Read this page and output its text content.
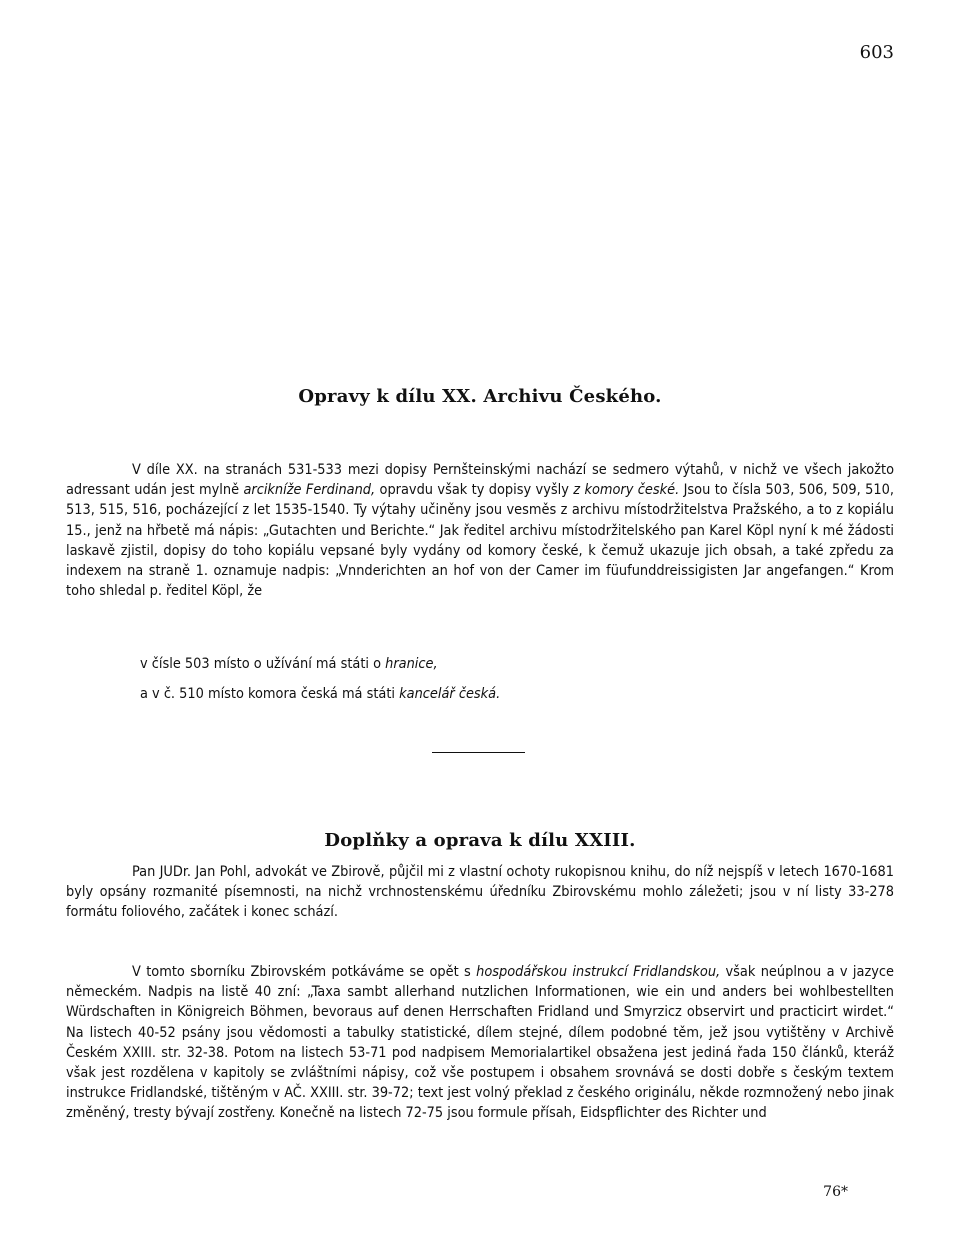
603
Opravy k dílu XX. Archivu Českého.
V díle XX. na stranách 531-533 mezi dopisy Pernšteinskými nachází se sedmero výtahů, v nichž ve všech jakožto adressant udán jest mylně arcikníže Ferdinand, opravdu však ty dopisy vyšly z komory české. Jsou to čísla 503, 506, 509, 510, 513, 515, 516, pocházející z let 1535-1540. Ty výtahy učiněny jsou vesměs z archivu místodržitelstva Pražského, a to z kopiálu 15., jenž na hřbetě má nápis: „Gutachten und Berichte.“ Jak ředitel archivu místodržitelského pan Karel Köpl nyní k mé žádosti laskavě zjistil, dopisy do toho kopiálu vepsané byly vydány od komory české, k čemuž ukazuje jich obsah, a také zpředu za indexem na straně 1. oznamuje nadpis: „Vnnderichten an hof von der Camer im füufunddreissigisten Jar angefangen.“ Krom toho shledal p. ředitel Köpl, že
v čísle 503 místo o užívání má státi o hranice,
a v č. 510 místo komora česká má státi kancelář česká.
Doplňky a oprava k dílu XXIII.
Pan JUDr. Jan Pohl, advokát ve Zbirově, půjčil mi z vlastní ochoty rukopisnou knihu, do níž nejspíš v letech 1670-1681 byly opsány rozmanité písemnosti, na nichž vrchnostenskému úředníku Zbirovskému mohlo záležeti; jsou v ní listy 33-278 formátu foliového, začátek i konec schází.
V tomto sborníku Zbirovském potkáváme se opět s hospodářskou instrukcí Fridlandskou, však neúplnou a v jazyce německém. Nadpis na listě 40 zní: „Taxa sambt allerhand nutzlichen Informationen, wie ein und anders bei wohlbestellten Würdschaften in Königreich Böhmen, bevoraus auf denen Herrschaften Fridland und Smyrzicz observirt und practicirt wirdet.“ Na listech 40-52 psány jsou vědomosti a tabulky statistické, dílem stejné, dílem podobné těm, jež jsou vytištěny v Archivě Českém XXIII. str. 32-38. Potom na listech 53-71 pod nadpisem Memorialartikel obsažena jest jediná řada 150 článků, kteráž však jest rozdělena v kapitoly se zvláštními nápisy, což vše postupem i obsahem srovnává se dosti dobře s českým textem instrukce Fridlandské, tištěným v AČ. XXIII. str. 39-72; text jest volný překlad z českého originálu, někde rozmnožený nebo jinak změněný, tresty bývají zostřeny. Konečně na listech 72-75 jsou formule přísah, Eidspflichter des Richter und
76*
